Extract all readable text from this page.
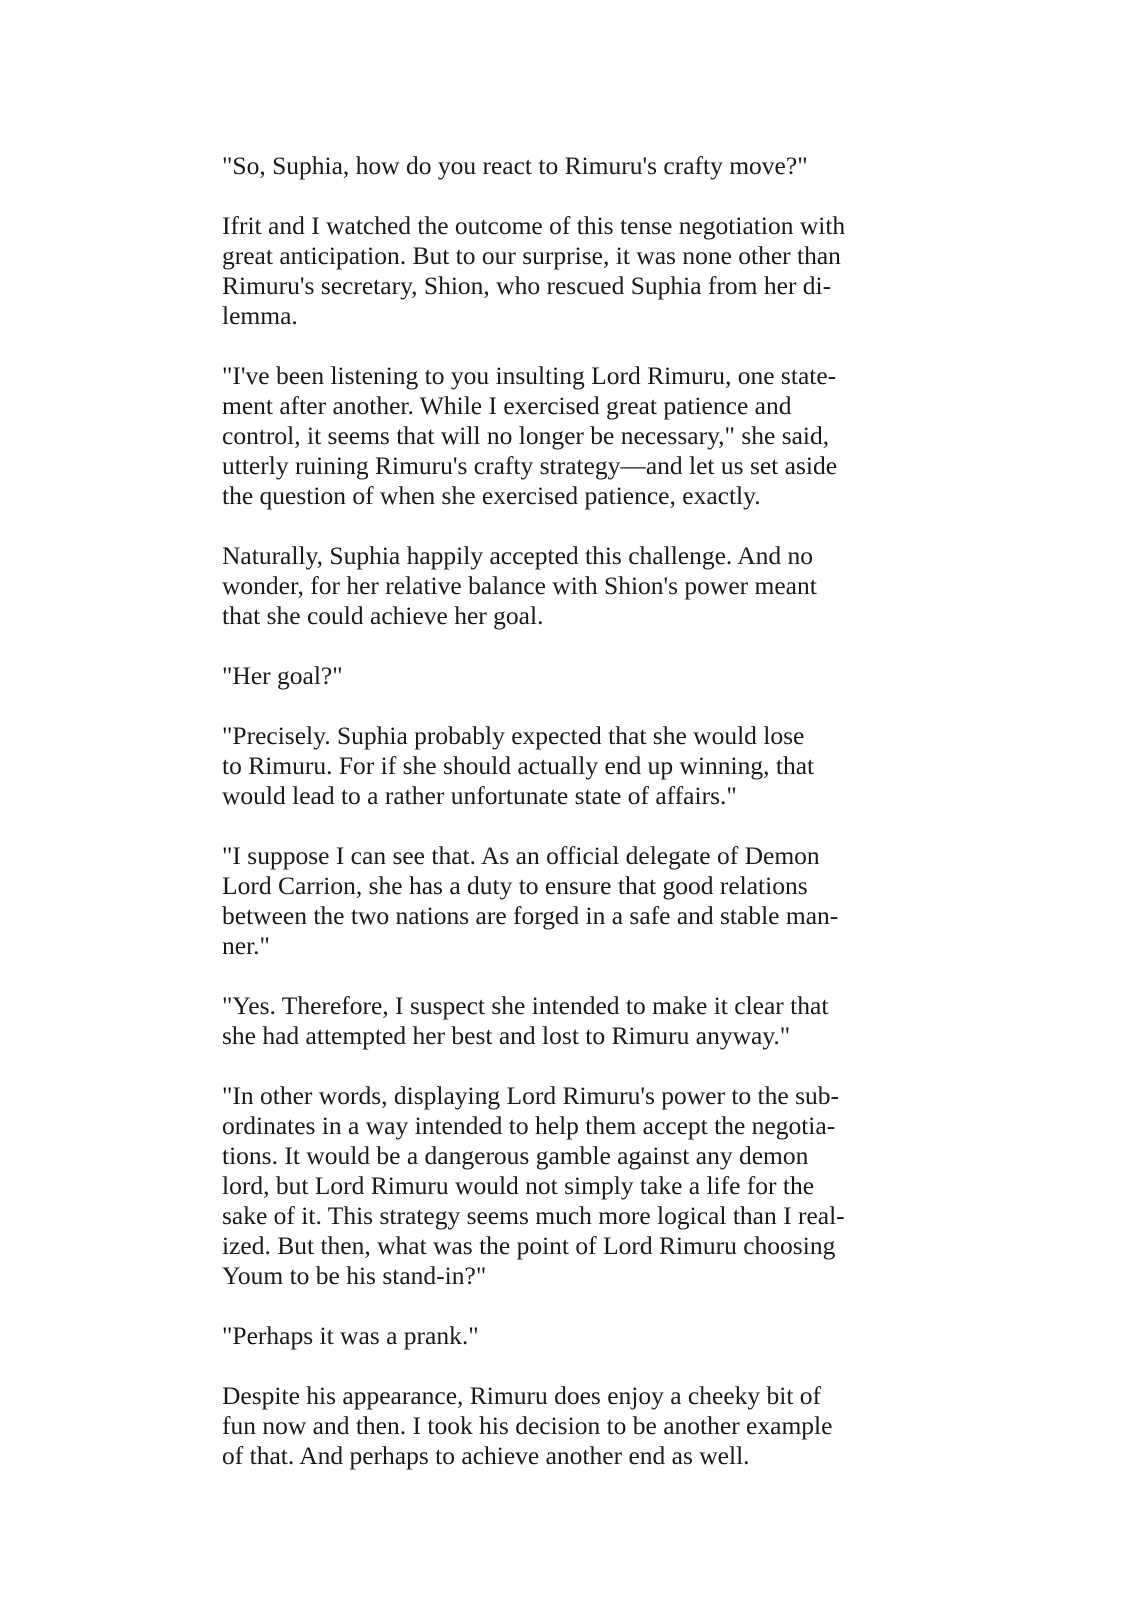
"So, Suphia, how do you react to Rimuru's crafty move?"

Ifrit and I watched the outcome of this tense negotiation with
great anticipation. But to our surprise, it was none other than
Rimuru's secretary, Shion, who rescued Suphia from her di-
lemma.

"I've been listening to you insulting Lord Rimuru, one state-
ment after another. While I exercised great patience and
control, it seems that will no longer be necessary," she said,
utterly ruining Rimuru's crafty strategy—and let us set aside
the question of when she exercised patience, exactly.

Naturally, Suphia happily accepted this challenge. And no
wonder, for her relative balance with Shion's power meant
that she could achieve her goal.

"Her goal?"

"Precisely. Suphia probably expected that she would lose
to Rimuru. For if she should actually end up winning, that
would lead to a rather unfortunate state of affairs."

"I suppose I can see that. As an official delegate of Demon
Lord Carrion, she has a duty to ensure that good relations
between the two nations are forged in a safe and stable man-
ner."

"Yes. Therefore, I suspect she intended to make it clear that
she had attempted her best and lost to Rimuru anyway."

"In other words, displaying Lord Rimuru's power to the sub-
ordinates in a way intended to help them accept the negotia-
tions. It would be a dangerous gamble against any demon
lord, but Lord Rimuru would not simply take a life for the
sake of it. This strategy seems much more logical than I real-
ized. But then, what was the point of Lord Rimuru choosing
Youm to be his stand-in?"

"Perhaps it was a prank."

Despite his appearance, Rimuru does enjoy a cheeky bit of
fun now and then. I took his decision to be another example
of that. And perhaps to achieve another end as well.
